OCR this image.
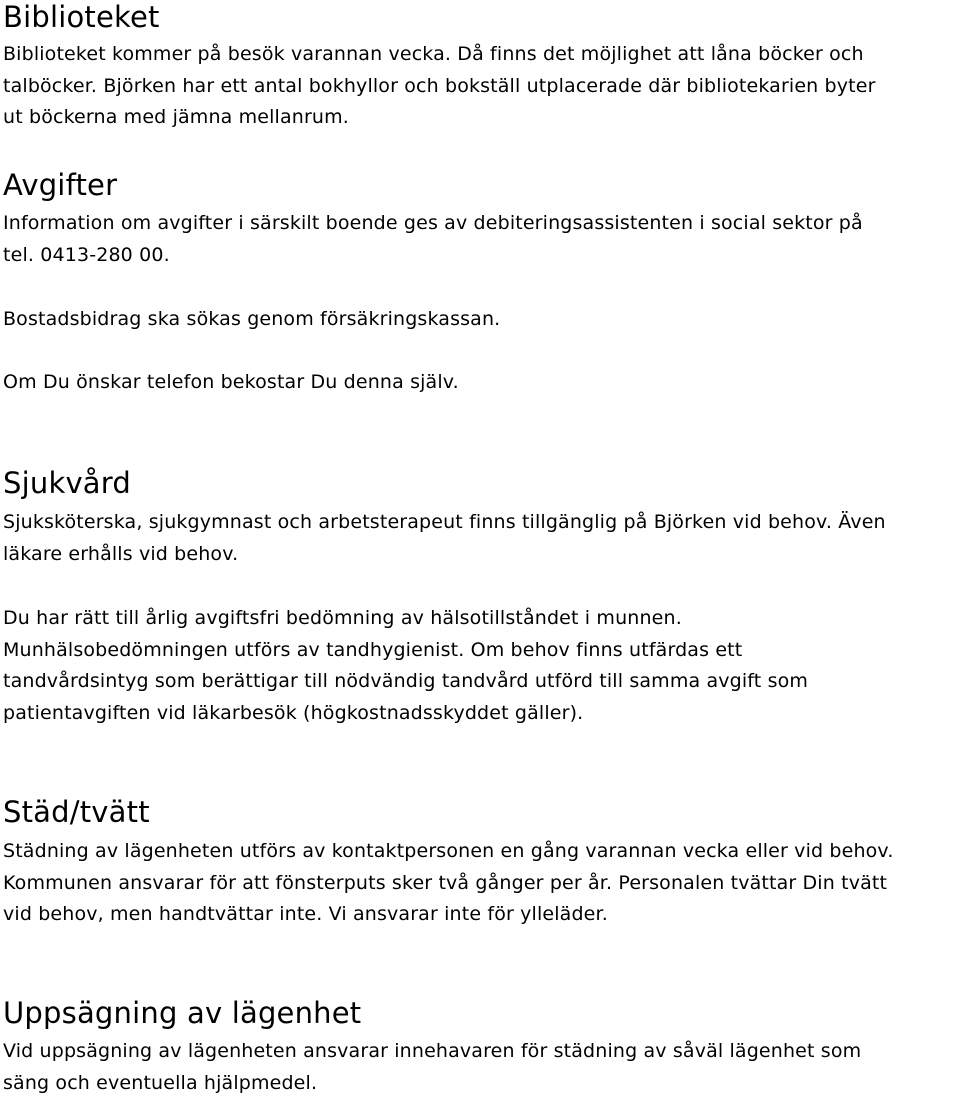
Biblioteket

Biblioteket kommer på besök varannan vecka. Då finns det möjlighet att låna böcker och
talböcker. Björken har ett antal bokhyllor och bokställ utplacerade där bibliotekarien byter
ut böckerna med jämna mellanrum.

Avgifter

Information om avgifter i särskilt boende ges av debiteringsassistenten i social sektor på
tel. 0413-280 00.

Bostadsbidrag ska sökas genom försäkringskassan.

Om Du önskar telefon bekostar Du denna själv.

Sjukvård

Sjuksköterska, sjukgymnast och arbetsterapeut finns tillgänglig på Björken vid behov. Även
läkare erhålls vid behov.

Du har rätt till årlig avgiftsfri bedömning av hälsotillståndet i munnen.
Munhälsobedömningen utförs av tandhygienist. Om behov finns utfärdas ett
tandvårdsintyg som berättigar till nödvändig tandvård utförd till samma avgift som
patientavgiften vid läkarbesök (högkostnadsskyddet gäller).

Städ/tvätt

Städning av lägenheten utförs av kontaktpersonen en gång varannan vecka eller vid behov.
Kommunen ansvarar för att fönsterputs sker två gånger per år. Personalen tvättar Din tvätt
vid behov, men handtvättar inte. Vi ansvarar inte för ylleläder.

Uppsägning av lägenhet

Vid uppsägning av lägenheten ansvarar innehavaren för städning av såväl lägenhet som
säng och eventuella hjälpmedel.
